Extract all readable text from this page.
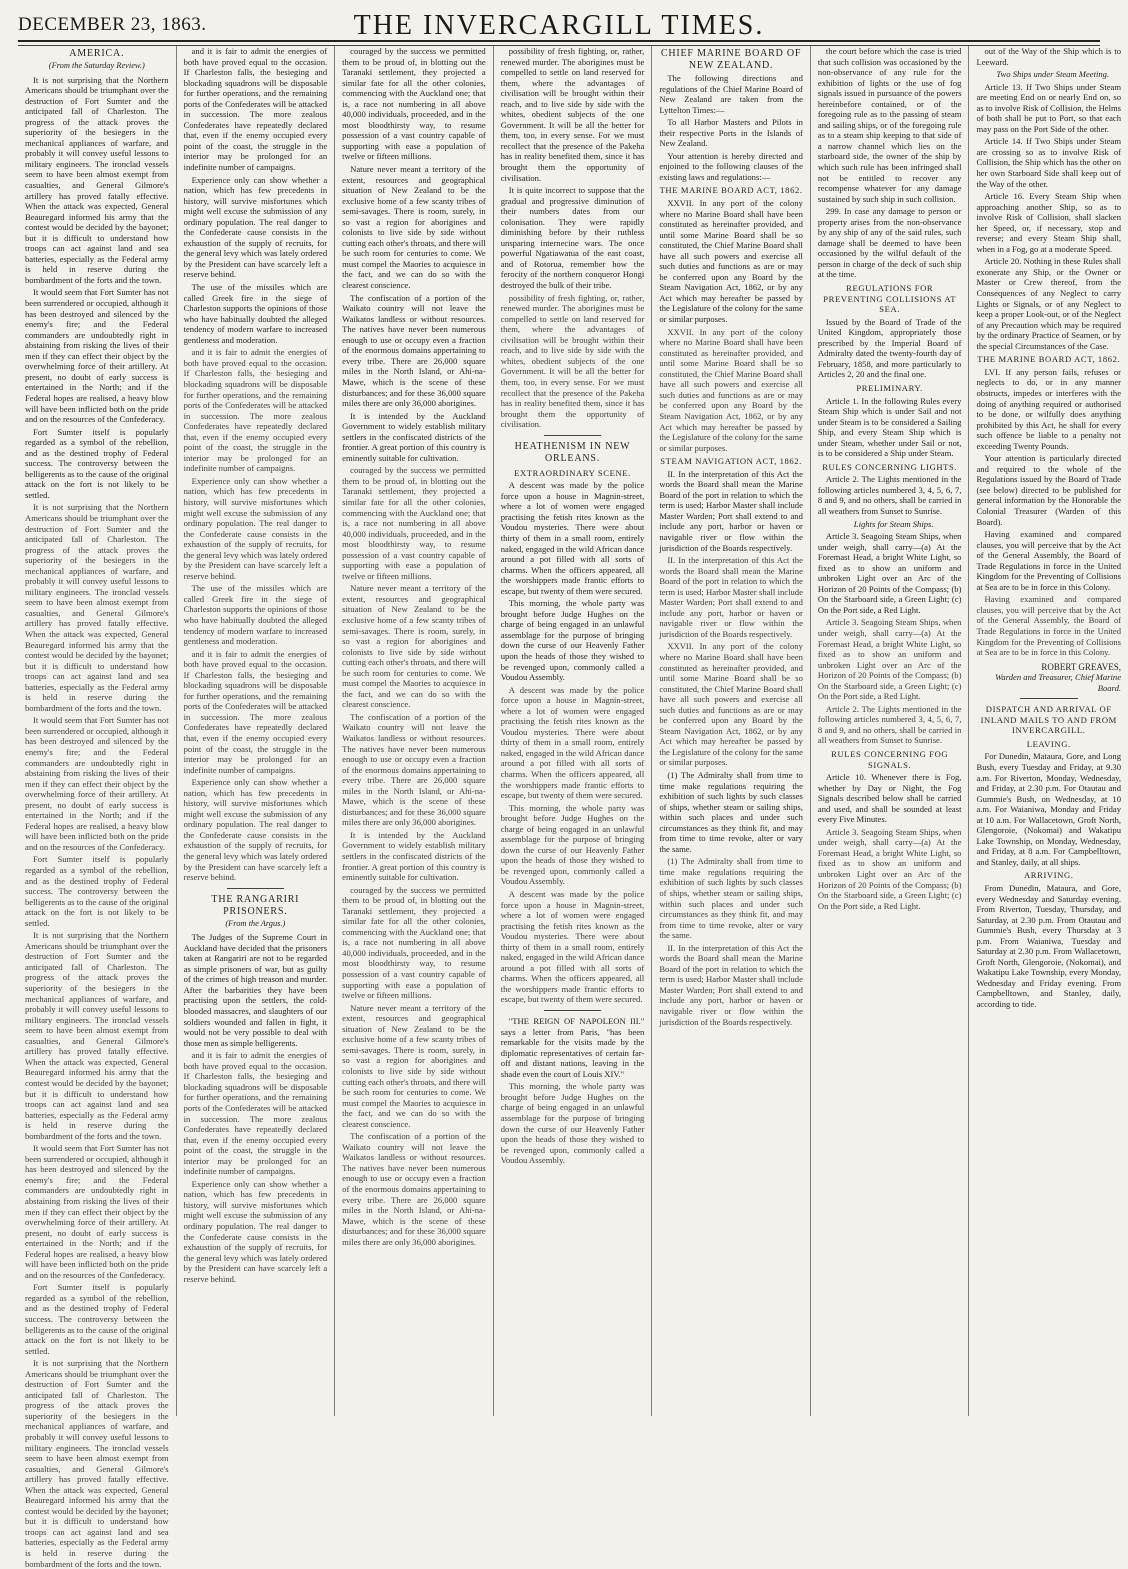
DECEMBER 23, 1863.	THE INVERCARGILL TIMES.
AMERICA.
(From the Saturday Review.)

It is not surprising that the Northern Americans should be triumphant over the destruction of Fort Sumter and the anticipated fall of Charleston. The progress of the attack proves the superiority of the besiegers in the mechanical appliances of warfare, and probably it will convey useful lessons to military engineers. The ironclad vessels seem to have been almost exempt from casualties, and General Gilmore's artillery has proved fatally effective. When the attack was expected, General Beauregard informed his army that the contest would be decided by the bayonet; but it is difficult to understand how troops can act against land and sea batteries, especially as the Federal army is held in reserve during the bombardment of the forts and the town.

It would seem that Fort Sumter has not been surrendered or occupied, although it has been destroyed and silenced by the enemy's fire; and the Federal commanders are undoubtedly right in abstaining from risking the lives of their men if they can effect their object by the overwhelming force of their artillery. At present, no doubt of early success is entertained in the North; and if the Federal hopes are realised, a heavy blow will have been inflicted both on the pride and on the resources of the Confederacy.

Fort Sumter itself is popularly regarded as a symbol of the rebellion, and as the destined trophy of Federal success. The controversy between the belligerents as to the cause of the original attack on the fort is not likely to be settled.

It is not surprising that the Northern Americans should be triumphant over the destruction of Fort Sumter and the anticipated fall of Charleston. The progress of the attack proves the superiority of the besiegers in the mechanical appliances of warfare, and probably it will convey useful lessons to military engineers. The ironclad vessels seem to have been almost exempt from casualties, and General Gilmore's artillery has proved fatally effective. When the attack was expected, General Beauregard informed his army that the contest would be decided by the bayonet; but it is difficult to understand how troops can act against land and sea batteries, especially as the Federal army is held in reserve during the bombardment of the forts and the town.

It would seem that Fort Sumter has not been surrendered or occupied, although it has been destroyed and silenced by the enemy's fire; and the Federal commanders are undoubtedly right in abstaining from risking the lives of their men if they can effect their object by the overwhelming force of their artillery. At present, no doubt of early success is entertained in the North; and if the Federal hopes are realised, a heavy blow will have been inflicted both on the pride and on the resources of the Confederacy.

Fort Sumter itself is popularly regarded as a symbol of the rebellion, and as the destined trophy of Federal success. The controversy between the belligerents as to the cause of the original attack on the fort is not likely to be settled.

It is not surprising that the Northern Americans should be triumphant over the destruction of Fort Sumter and the anticipated fall of Charleston. The progress of the attack proves the superiority of the besiegers in the mechanical appliances of warfare, and probably it will convey useful lessons to military engineers. The ironclad vessels seem to have been almost exempt from casualties, and General Gilmore's artillery has proved fatally effective. When the attack was expected, General Beauregard informed his army that the contest would be decided by the bayonet; but it is difficult to understand how troops can act against land and sea batteries, especially as the Federal army is held in reserve during the bombardment of the forts and the town.

It would seem that Fort Sumter has not been surrendered or occupied, although it has been destroyed and silenced by the enemy's fire; and the Federal commanders are undoubtedly right in abstaining from risking the lives of their men if they can effect their object by the overwhelming force of their artillery. At present, no doubt of early success is entertained in the North; and if the Federal hopes are realised, a heavy blow will have been inflicted both on the pride and on the resources of the Confederacy.

Fort Sumter itself is popularly regarded as a symbol of the rebellion, and as the destined trophy of Federal success. The controversy between the belligerents as to the cause of the original attack on the fort is not likely to be settled.

It is not surprising that the Northern Americans should be triumphant over the destruction of Fort Sumter and the anticipated fall of Charleston. The progress of the attack proves the superiority of the besiegers in the mechanical appliances of warfare, and probably it will convey useful lessons to military engineers. The ironclad vessels seem to have been almost exempt from casualties, and General Gilmore's artillery has proved fatally effective. When the attack was expected, General Beauregard informed his army that the contest would be decided by the bayonet; but it is difficult to understand how troops can act against land and sea batteries, especially as the Federal army is held in reserve during the bombardment of the forts and the town.

and it is fair to admit the energies of both have proved equal to the occasion. If Charleston falls, the besieging and blockading squadrons will be disposable for further operations, and the remaining ports of the Confederates will be attacked in succession. The more zealous Confederates have repeatedly declared that, even if the enemy occupied every point of the coast, the struggle in the interior may be prolonged for an indefinite number of campaigns.

Experience only can show whether a nation, which has few precedents in history, will survive misfortunes which might well excuse the submission of any ordinary population. The real danger to the Confederate cause consists in the exhaustion of the supply of recruits, for the general levy which was lately ordered by the President can have scarcely left a reserve behind.

The use of the missiles which are called Greek fire in the siege of Charleston supports the opinions of those who have habitually doubted the alleged tendency of modern warfare to increased gentleness and moderation.

and it is fair to admit the energies of both have proved equal to the occasion. If Charleston falls, the besieging and blockading squadrons will be disposable for further operations, and the remaining ports of the Confederates will be attacked in succession. The more zealous Confederates have repeatedly declared that, even if the enemy occupied every point of the coast, the struggle in the interior may be prolonged for an indefinite number of campaigns.

Experience only can show whether a nation, which has few precedents in history, will survive misfortunes which might well excuse the submission of any ordinary population. The real danger to the Confederate cause consists in the exhaustion of the supply of recruits, for the general levy which was lately ordered by the President can have scarcely left a reserve behind.

The use of the missiles which are called Greek fire in the siege of Charleston supports the opinions of those who have habitually doubted the alleged tendency of modern warfare to increased gentleness and moderation.

and it is fair to admit the energies of both have proved equal to the occasion. If Charleston falls, the besieging and blockading squadrons will be disposable for further operations, and the remaining ports of the Confederates will be attacked in succession. The more zealous Confederates have repeatedly declared that, even if the enemy occupied every point of the coast, the struggle in the interior may be prolonged for an indefinite number of campaigns.

Experience only can show whether a nation, which has few precedents in history, will survive misfortunes which might well excuse the submission of any ordinary population. The real danger to the Confederate cause consists in the exhaustion of the supply of recruits, for the general levy which was lately ordered by the President can have scarcely left a reserve behind.

THE RANGARIRI PRISONERS.
(From the Argus.)

The Judges of the Supreme Court in Auckland have decided that the prisoners taken at Rangariri are not to be regarded as simple prisoners of war, but as guilty of the crimes of high treason and murder. After the barbarities they have been practising upon the settlers, the cold-blooded massacres, and slaughters of our soldiers wounded and fallen in fight, it would not be very possible to deal with those men as simple belligerents.

and it is fair to admit the energies of both have proved equal to the occasion. If Charleston falls, the besieging and blockading squadrons will be disposable for further operations, and the remaining ports of the Confederates will be attacked in succession. The more zealous Confederates have repeatedly declared that, even if the enemy occupied every point of the coast, the struggle in the interior may be prolonged for an indefinite number of campaigns.

Experience only can show whether a nation, which has few precedents in history, will survive misfortunes which might well excuse the submission of any ordinary population. The real danger to the Confederate cause consists in the exhaustion of the supply of recruits, for the general levy which was lately ordered by the President can have scarcely left a reserve behind.

couraged by the success we permitted them to be proud of, in blotting out the Taranaki settlement, they projected a similar fate for all the other colonies, commencing with the Auckland one; that is, a race not numbering in all above 40,000 individuals, proceeded, and in the most bloodthirsty way, to resume possession of a vast country capable of supporting with ease a population of twelve or fifteen millions.

Nature never meant a territory of the extent, resources and geographical situation of New Zealand to be the exclusive home of a few scanty tribes of semi-savages. There is room, surely, in so vast a region for aborigines and colonists to live side by side without cutting each other's throats, and there will be such room for centuries to come. We must compel the Maories to acquiesce in the fact, and we can do so with the clearest conscience.

The confiscation of a portion of the Waikato country will not leave the Waikatos landless or without resources. The natives have never been numerous enough to use or occupy even a fraction of the enormous domains appertaining to every tribe. There are 26,000 square miles in the North Island, or Ahi-na-Mawe, which is the scene of these disturbances; and for these 36,000 square miles there are only 36,000 aborigines.

It is intended by the Auckland Government to widely establish military settlers in the confiscated districts of the frontier. A great portion of this country is eminently suitable for cultivation.

couraged by the success we permitted them to be proud of, in blotting out the Taranaki settlement, they projected a similar fate for all the other colonies, commencing with the Auckland one; that is, a race not numbering in all above 40,000 individuals, proceeded, and in the most bloodthirsty way, to resume possession of a vast country capable of supporting with ease a population of twelve or fifteen millions.

Nature never meant a territory of the extent, resources and geographical situation of New Zealand to be the exclusive home of a few scanty tribes of semi-savages. There is room, surely, in so vast a region for aborigines and colonists to live side by side without cutting each other's throats, and there will be such room for centuries to come. We must compel the Maories to acquiesce in the fact, and we can do so with the clearest conscience.

The confiscation of a portion of the Waikato country will not leave the Waikatos landless or without resources. The natives have never been numerous enough to use or occupy even a fraction of the enormous domains appertaining to every tribe. There are 26,000 square miles in the North Island, or Ahi-na-Mawe, which is the scene of these disturbances; and for these 36,000 square miles there are only 36,000 aborigines.

It is intended by the Auckland Government to widely establish military settlers in the confiscated districts of the frontier. A great portion of this country is eminently suitable for cultivation.

couraged by the success we permitted them to be proud of, in blotting out the Taranaki settlement, they projected a similar fate for all the other colonies, commencing with the Auckland one; that is, a race not numbering in all above 40,000 individuals, proceeded, and in the most bloodthirsty way, to resume possession of a vast country capable of supporting with ease a population of twelve or fifteen millions.

Nature never meant a territory of the extent, resources and geographical situation of New Zealand to be the exclusive home of a few scanty tribes of semi-savages. There is room, surely, in so vast a region for aborigines and colonists to live side by side without cutting each other's throats, and there will be such room for centuries to come. We must compel the Maories to acquiesce in the fact, and we can do so with the clearest conscience.

The confiscation of a portion of the Waikato country will not leave the Waikatos landless or without resources. The natives have never been numerous enough to use or occupy even a fraction of the enormous domains appertaining to every tribe. There are 26,000 square miles in the North Island, or Ahi-na-Mawe, which is the scene of these disturbances; and for these 36,000 square miles there are only 36,000 aborigines.

possibility of fresh fighting, or, rather, renewed murder. The aborigines must be compelled to settle on land reserved for them, where the advantages of civilisation will be brought within their reach, and to live side by side with the whites, obedient subjects of the one Government. It will be all the better for them, too, in every sense. For we must recollect that the presence of the Pakeha has in reality benefited them, since it has brought them the opportunity of civilisation.

It is quite incorrect to suppose that the gradual and progressive diminution of their numbers dates from our colonisation. They were rapidly diminishing before by their ruthless unsparing internecine wars. The once powerful Ngatiawatua of the east coast, and of Rotorua, remember how the ferocity of the northern conqueror Hongi destroyed the bulk of their tribe.

possibility of fresh fighting, or, rather, renewed murder. The aborigines must be compelled to settle on land reserved for them, where the advantages of civilisation will be brought within their reach, and to live side by side with the whites, obedient subjects of the one Government. It will be all the better for them, too, in every sense. For we must recollect that the presence of the Pakeha has in reality benefited them, since it has brought them the opportunity of civilisation.

HEATHENISM IN NEW ORLEANS.
EXTRAORDINARY SCENE.

A descent was made by the police force upon a house in Magnin-street, where a lot of women were engaged practising the fetish rites known as the Voudou mysteries. There were about thirty of them in a small room, entirely naked, engaged in the wild African dance around a pot filled with all sorts of charms. When the officers appeared, all the worshippers made frantic efforts to escape, but twenty of them were secured.

This morning, the whole party was brought before Judge Hughes on the charge of being engaged in an unlawful assemblage for the purpose of bringing down the curse of our Heavenly Father upon the heads of those they wished to be revenged upon, commonly called a Voudou Assembly.

A descent was made by the police force upon a house in Magnin-street, where a lot of women were engaged practising the fetish rites known as the Voudou mysteries. There were about thirty of them in a small room, entirely naked, engaged in the wild African dance around a pot filled with all sorts of charms. When the officers appeared, all the worshippers made frantic efforts to escape, but twenty of them were secured.

This morning, the whole party was brought before Judge Hughes on the charge of being engaged in an unlawful assemblage for the purpose of bringing down the curse of our Heavenly Father upon the heads of those they wished to be revenged upon, commonly called a Voudou Assembly.

A descent was made by the police force upon a house in Magnin-street, where a lot of women were engaged practising the fetish rites known as the Voudou mysteries. There were about thirty of them in a small room, entirely naked, engaged in the wild African dance around a pot filled with all sorts of charms. When the officers appeared, all the worshippers made frantic efforts to escape, but twenty of them were secured.

"THE REIGN OF NAPOLEON III." says a letter from Paris, "has been remarkable for the visits made by the diplomatic representatives of certain far-off and distant nations, leaving in the shade even the court of Louis XIV."

This morning, the whole party was brought before Judge Hughes on the charge of being engaged in an unlawful assemblage for the purpose of bringing down the curse of our Heavenly Father upon the heads of those they wished to be revenged upon, commonly called a Voudou Assembly.

CHIEF MARINE BOARD OF NEW ZEALAND.

The following directions and regulations of the Chief Marine Board of New Zealand are taken from the Lyttelton Times:—

To all Harbor Masters and Pilots in their respective Ports in the Islands of New Zealand.

Your attention is hereby directed and enjoined to the following clauses of the existing laws and regulations:—

THE MARINE BOARD ACT, 1862.

XXVII. In any port of the colony where no Marine Board shall have been constituted as hereinafter provided, and until some Marine Board shall be so constituted, the Chief Marine Board shall have all such powers and exercise all such duties and functions as are or may be conferred upon any Board by the Steam Navigation Act, 1862, or by any Act which may hereafter be passed by the Legislature of the colony for the same or similar purposes.

XXVII. In any port of the colony where no Marine Board shall have been constituted as hereinafter provided, and until some Marine Board shall be so constituted, the Chief Marine Board shall have all such powers and exercise all such duties and functions as are or may be conferred upon any Board by the Steam Navigation Act, 1862, or by any Act which may hereafter be passed by the Legislature of the colony for the same or similar purposes.

STEAM NAVIGATION ACT, 1862.

II. In the interpretation of this Act the words the Board shall mean the Marine Board of the port in relation to which the term is used; Harbor Master shall include Master Warden; Port shall extend to and include any port, harbor or haven or navigable river or flow within the jurisdiction of the Boards respectively.

II. In the interpretation of this Act the words the Board shall mean the Marine Board of the port in relation to which the term is used; Harbor Master shall include Master Warden; Port shall extend to and include any port, harbor or haven or navigable river or flow within the jurisdiction of the Boards respectively.

XXVII. In any port of the colony where no Marine Board shall have been constituted as hereinafter provided, and until some Marine Board shall be so constituted, the Chief Marine Board shall have all such powers and exercise all such duties and functions as are or may be conferred upon any Board by the Steam Navigation Act, 1862, or by any Act which may hereafter be passed by the Legislature of the colony for the same or similar purposes.

(1) The Admiralty shall from time to time make regulations requiring the exhibition of such lights by such classes of ships, whether steam or sailing ships, within such places and under such circumstances as they think fit, and may from time to time revoke, alter or vary the same.

(1) The Admiralty shall from time to time make regulations requiring the exhibition of such lights by such classes of ships, whether steam or sailing ships, within such places and under such circumstances as they think fit, and may from time to time revoke, alter or vary the same.

II. In the interpretation of this Act the words the Board shall mean the Marine Board of the port in relation to which the term is used; Harbor Master shall include Master Warden; Port shall extend to and include any port, harbor or haven or navigable river or flow within the jurisdiction of the Boards respectively.

the court before which the case is tried that such collision was occasioned by the non-observance of any rule for the exhibition of lights or the use of fog signals issued in pursuance of the powers hereinbefore contained, or of the foregoing rule as to the passing of steam and sailing ships, or of the foregoing rule as to a steam ship keeping to that side of a narrow channel which lies on the starboard side, the owner of the ship by which such rule has been infringed shall not be entitled to recover any recompense whatever for any damage sustained by such ship in such collision.

299. In case any damage to person or property arises from the non-observance by any ship of any of the said rules, such damage shall be deemed to have been occasioned by the wilful default of the person in charge of the deck of such ship at the time.

REGULATIONS FOR PREVENTING COLLISIONS AT SEA.

Issued by the Board of Trade of the United Kingdom, appropriately those prescribed by the Imperial Board of Admiralty dated the twenty-fourth day of February, 1858, and more particularly to Articles 2, 20 and the final one.

PRELIMINARY.

Article 1. In the following Rules every Steam Ship which is under Sail and not under Steam is to be considered a Sailing Ship, and every Steam Ship which is under Steam, whether under Sail or not, is to be considered a Ship under Steam.

RULES CONCERNING LIGHTS.

Article 2. The Lights mentioned in the following articles numbered 3, 4, 5, 6, 7, 8 and 9, and no others, shall be carried in all weathers from Sunset to Sunrise.

Lights for Steam Ships.

Article 3. Seagoing Steam Ships, when under weigh, shall carry—(a) At the Foremast Head, a bright White Light, so fixed as to show an uniform and unbroken Light over an Arc of the Horizon of 20 Points of the Compass; (b) On the Starboard side, a Green Light; (c) On the Port side, a Red Light.

Article 3. Seagoing Steam Ships, when under weigh, shall carry—(a) At the Foremast Head, a bright White Light, so fixed as to show an uniform and unbroken Light over an Arc of the Horizon of 20 Points of the Compass; (b) On the Starboard side, a Green Light; (c) On the Port side, a Red Light.

Article 2. The Lights mentioned in the following articles numbered 3, 4, 5, 6, 7, 8 and 9, and no others, shall be carried in all weathers from Sunset to Sunrise.

RULES CONCERNING FOG SIGNALS.

Article 10. Whenever there is Fog, whether by Day or Night, the Fog Signals described below shall be carried and used, and shall be sounded at least every Five Minutes.

Article 3. Seagoing Steam Ships, when under weigh, shall carry—(a) At the Foremast Head, a bright White Light, so fixed as to show an uniform and unbroken Light over an Arc of the Horizon of 20 Points of the Compass; (b) On the Starboard side, a Green Light; (c) On the Port side, a Red Light.

out of the Way of the Ship which is to Leeward.

Two Ships under Steam Meeting.

Article 13. If Two Ships under Steam are meeting End on or nearly End on, so as to involve Risk of Collision, the Helms of both shall be put to Port, so that each may pass on the Port Side of the other.

Article 14. If Two Ships under Steam are crossing so as to involve Risk of Collision, the Ship which has the other on her own Starboard Side shall keep out of the Way of the other.

Article 16. Every Steam Ship when approaching another Ship, so as to involve Risk of Collision, shall slacken her Speed, or, if necessary, stop and reverse; and every Steam Ship shall, when in a Fog, go at a moderate Speed.

Article 20. Nothing in these Rules shall exonerate any Ship, or the Owner or Master or Crew thereof, from the Consequences of any Neglect to carry Lights or Signals, or of any Neglect to keep a proper Look-out, or of the Neglect of any Precaution which may be required by the ordinary Practice of Seamen, or by the special Circumstances of the Case.

THE MARINE BOARD ACT, 1862.

LVI. If any person fails, refuses or neglects to do, or in any manner obstructs, impedes or interferes with the doing of anything required or authorised to be done, or wilfully does anything prohibited by this Act, he shall for every such offence be liable to a penalty not exceeding Twenty Pounds.

Your attention is particularly directed and required to the whole of the Regulations issued by the Board of Trade (see below) directed to be published for general information by the Honorable the Colonial Treasurer (Warden of this Board).

Having examined and compared clauses, you will perceive that by the Act of the General Assembly, the Board of Trade Regulations in force in the United Kingdom for the Preventing of Collisions at Sea are to be in force in this Colony.

Having examined and compared clauses, you will perceive that by the Act of the General Assembly, the Board of Trade Regulations in force in the United Kingdom for the Preventing of Collisions at Sea are to be in force in this Colony.

ROBERT GREAVES,
Warden and Treasurer, Chief Marine Board.
DISPATCH AND ARRIVAL OF INLAND MAILS TO AND FROM INVERCARGILL.
LEAVING.

For Dunedin, Mataura, Gore, and Long Bush, every Tuesday and Friday, at 9.30 a.m. For Riverton, Monday, Wednesday, and Friday, at 2.30 p.m. For Otautau and Gummie's Bush, on Wednesday, at 10 a.m. For Waianiwa, Monday and Friday at 10 a.m. For Wallacetown, Groft North, Glengoroie, (Nokomai) and Wakatipu Lake Township, on Monday, Wednesday, and Friday, at 8 a.m. For Campbelltown, and Stanley, daily, at all ships.

ARRIVING.

From Dunedin, Mataura, and Gore, every Wednesday and Saturday evening. From Riverton, Tuesday, Thursday, and Saturday, at 2.30 p.m. From Otautau and Gummie's Bush, every Thursday at 3 p.m. From Waianiwa, Tuesday and Saturday at 2.30 p.m. From Wallacetown, Groft North, Glengoroie, (Nokomai), and Wakatipu Lake Township, every Monday, Wednesday and Friday evening. From Campbelltown, and Stanley, daily, according to tide.
